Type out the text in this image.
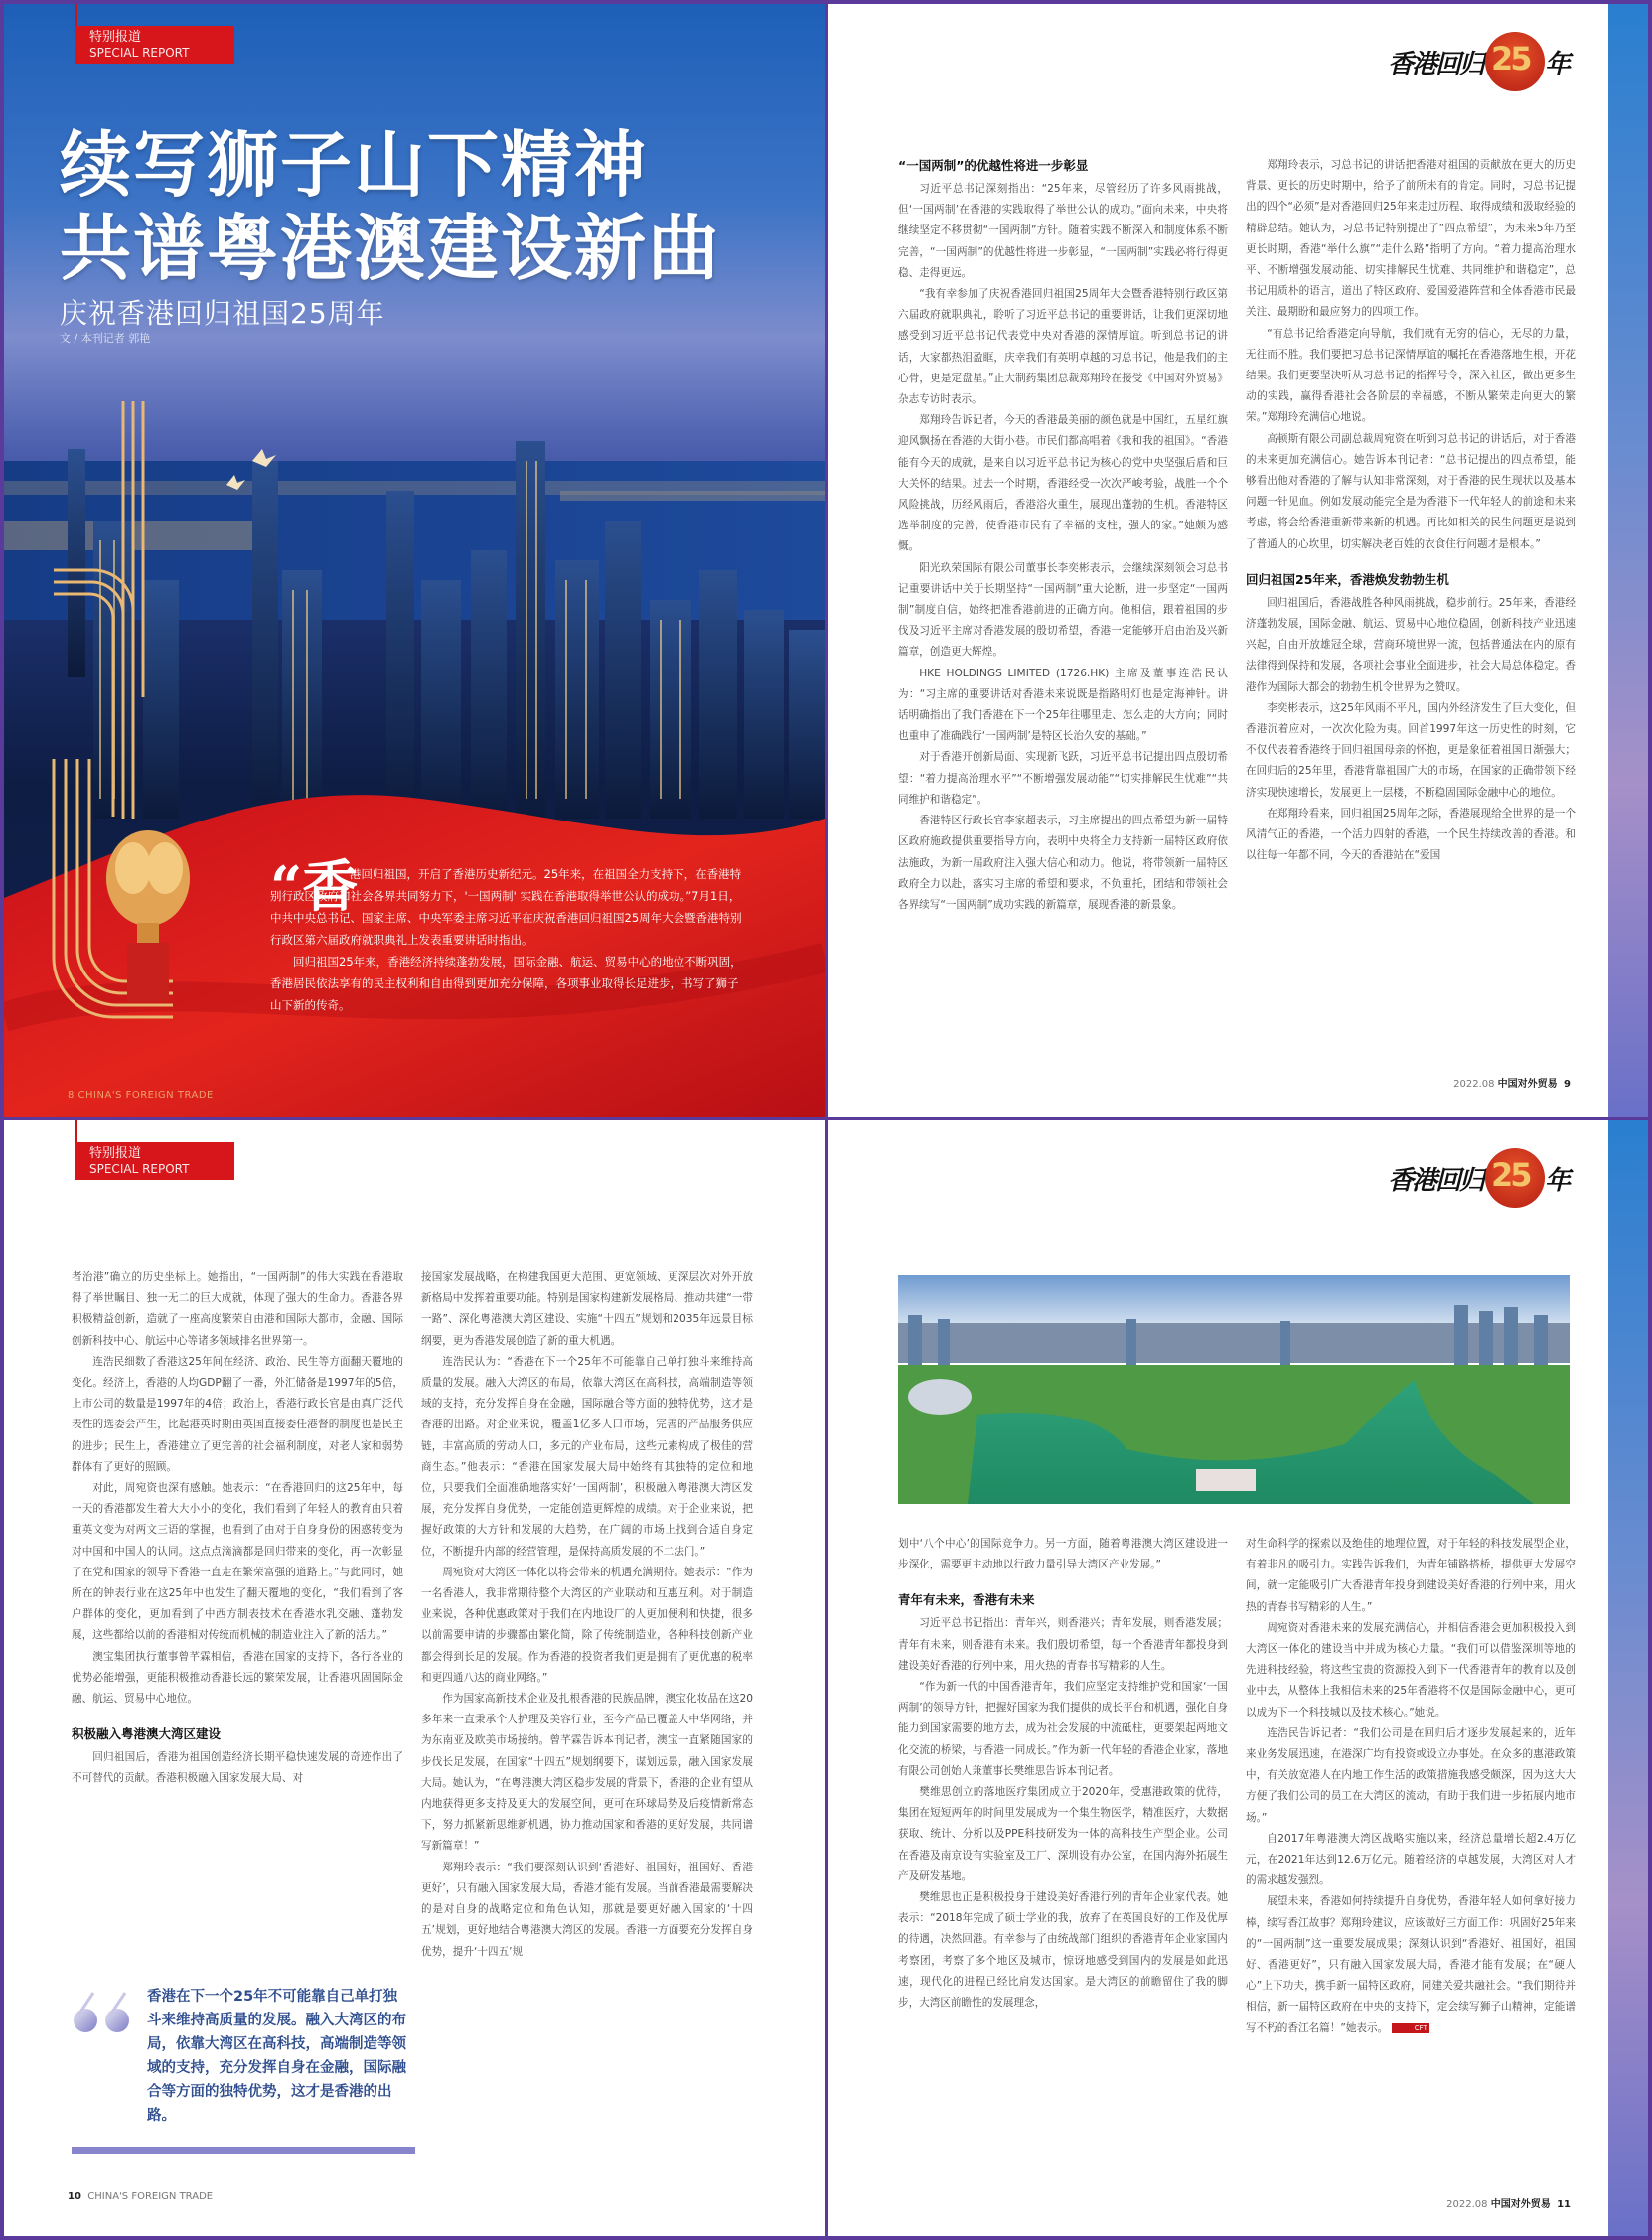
特别报道
SPECIAL REPORT
续写狮子山下精神
共谱粤港澳建设新曲
庆祝香港回归祖国25周年
文 / 本刊记者 郭艳
“香

港回归祖国，开启了香港历史新纪元。25年来，在祖国全力支持下，在香港特别行政区政府和社会各界共同努力下，'一国两制' 实践在香港取得举世公认的成功。”7月1日，中共中央总书记、国家主席、中央军委主席习近平在庆祝香港回归祖国25周年大会暨香港特别行政区第六届政府就职典礼上发表重要讲话时指出。

回归祖国25年来，香港经济持续蓬勃发展，国际金融、航运、贸易中心的地位不断巩固，香港居民依法享有的民主权利和自由得到更加充分保障，各项事业取得长足进步，书写了狮子山下新的传奇。

8 CHINA'S FOREIGN TRADE
香港回归 25 年
“一国两制”的优越性将进一步彰显

习近平总书记深刻指出：“25年来，尽管经历了许多风雨挑战，但‘一国两制’在香港的实践取得了举世公认的成功。”面向未来，中央将继续坚定不移贯彻“一国两制”方针。随着实践不断深入和制度体系不断完善，“一国两制”的优越性将进一步彰显，“一国两制”实践必将行得更稳、走得更远。

“我有幸参加了庆祝香港回归祖国25周年大会暨香港特别行政区第六届政府就职典礼，聆听了习近平总书记的重要讲话，让我们更深切地感受到习近平总书记代表党中央对香港的深情厚谊。听到总书记的讲话，大家都热泪盈眶，庆幸我们有英明卓越的习总书记，他是我们的主心骨，更是定盘星。”正大制药集团总裁郑翔玲在接受《中国对外贸易》杂志专访时表示。

郑翔玲告诉记者，今天的香港最美丽的颜色就是中国红，五星红旗迎风飘扬在香港的大街小巷。市民们都高唱着《我和我的祖国》。“香港能有今天的成就，是来自以习近平总书记为核心的党中央坚强后盾和巨大关怀的结果。过去一个时期，香港经受一次次严峻考验，战胜一个个风险挑战，历经风雨后，香港浴火重生，展现出蓬勃的生机。香港特区选举制度的完善，使香港市民有了幸福的支柱，强大的家。”她颇为感慨。

阳光玖荣国际有限公司董事长李奕彬表示，会继续深刻领会习总书记重要讲话中关于长期坚持“一国两制”重大论断，进一步坚定“一国两制”制度自信，始终把准香港前进的正确方向。他相信，跟着祖国的步伐及习近平主席对香港发展的殷切希望，香港一定能够开启由治及兴新篇章，创造更大辉煌。

HKE HOLDINGS LIMITED (1726.HK) 主席及董事连浩民认为：“习主席的重要讲话对香港未来说既是指路明灯也是定海神针。讲话明确指出了我们香港在下一个25年往哪里走、怎么走的大方向；同时也重申了准确践行‘一国两制’是特区长治久安的基础。”

对于香港开创新局面、实现新飞跃，习近平总书记提出四点殷切希望：“着力提高治理水平”“不断增强发展动能”“切实排解民生忧难”“共同维护和谐稳定”。

香港特区行政长官李家超表示，习主席提出的四点希望为新一届特区政府施政提供重要指导方向，表明中央将全力支持新一届特区政府依法施政，为新一届政府注入强大信心和动力。他说，将带领新一届特区政府全力以赴，落实习主席的希望和要求，不负重托，团结和带领社会各界续写“一国两制”成功实践的新篇章，展现香港的新景象。

郑翔玲表示，习总书记的讲话把香港对祖国的贡献放在更大的历史背景、更长的历史时期中，给予了前所未有的肯定。同时，习总书记提出的四个“必须”是对香港回归25年来走过历程、取得成绩和汲取经验的精辟总结。她认为，习总书记特别提出了“四点希望”，为未来5年乃至更长时期，香港“举什么旗”“走什么路”指明了方向。“着力提高治理水平、不断增强发展动能、切实排解民生忧难、共同维护和谐稳定”，总书记用质朴的语言，道出了特区政府、爱国爱港阵营和全体香港市民最关注、最期盼和最应努力的四项工作。

“有总书记给香港定向导航，我们就有无穷的信心，无尽的力量，无往而不胜。我们要把习总书记深情厚谊的嘱托在香港落地生根，开花结果。我们更要坚决听从习总书记的指挥号令，深入社区，做出更多生动的实践，赢得香港社会各阶层的幸福感，不断从繁荣走向更大的繁荣。”郑翔玲充满信心地说。

高顿斯有限公司副总裁周宛资在听到习总书记的讲话后，对于香港的未来更加充满信心。她告诉本刊记者：“总书记提出的四点希望，能够看出他对香港的了解与认知非常深刻，对于香港的民生现状以及基本问题一针见血。例如发展动能完全是为香港下一代年轻人的前途和未来考虑，将会给香港重新带来新的机遇。再比如相关的民生问题更是说到了普通人的心坎里，切实解决老百姓的衣食住行问题才是根本。”

回归祖国25年来，香港焕发勃勃生机

回归祖国后，香港战胜各种风雨挑战，稳步前行。25年来，香港经济蓬勃发展，国际金融、航运、贸易中心地位稳固，创新科技产业迅速兴起，自由开放雄冠全球，营商环境世界一流，包括普通法在内的原有法律得到保持和发展，各项社会事业全面进步，社会大局总体稳定。香港作为国际大都会的勃勃生机令世界为之赞叹。

李奕彬表示，这25年风雨不平凡，国内外经济发生了巨大变化，但香港沉着应对，一次次化险为夷。回首1997年这一历史性的时刻，它不仅代表着香港终于回归祖国母亲的怀抱，更是象征着祖国日渐强大；在回归后的25年里，香港背靠祖国广大的市场，在国家的正确带领下经济实现快速增长，发展更上一层楼，不断稳固国际金融中心的地位。

在郑翔玲看来，回归祖国25周年之际，香港展现给全世界的是一个风清气正的香港，一个活力四射的香港，一个民生持续改善的香港。和以往每一年都不同，今天的香港站在“爱国

2022.08 中国对外贸易 9
特别报道
SPECIAL REPORT

者治港”确立的历史坐标上。她指出，“一国两制”的伟大实践在香港取得了举世瞩目、独一无二的巨大成就，体现了强大的生命力。香港各界积极精益创新，造就了一座高度繁荣自由港和国际大都市，金融、国际创新科技中心、航运中心等诸多领域排名世界第一。

连浩民细数了香港这25年间在经济、政治、民生等方面翻天覆地的变化。经济上，香港的人均GDP翻了一番，外汇储备是1997年的5倍，上市公司的数量是1997年的4倍；政治上，香港行政长官是由真广泛代表性的选委会产生，比起港英时期由英国直接委任港督的制度也是民主的进步；民生上，香港建立了更完善的社会福利制度，对老人家和弱势群体有了更好的照顾。

对此，周宛资也深有感触。她表示：“在香港回归的这25年中，每一天的香港都发生着大大小小的变化，我们看到了年轻人的教育由只着重英文变为对两文三语的掌握，也看到了由对于自身身份的困惑转变为对中国和中国人的认同。这点点滴滴都是回归带来的变化，再一次彰显了在党和国家的领导下香港一直走在繁荣富强的道路上。”与此同时，她所在的钟表行业在这25年中也发生了翻天覆地的变化，“我们看到了客户群体的变化，更加看到了中西方制表技术在香港水乳交融、蓬勃发展，这些都给以前的香港相对传统而机械的制造业注入了新的活力。”

澳宝集团执行董事曾芊霖相信，香港在国家的支持下，各行各业的优势必能增强，更能积极推动香港长远的繁荣发展，让香港巩固国际金融、航运、贸易中心地位。

积极融入粤港澳大湾区建设

回归祖国后，香港为祖国创造经济长期平稳快速发展的奇迹作出了不可替代的贡献。香港积极融入国家发展大局、对

香港在下一个25年不可能靠自己单打独斗来维持高质量的发展。融入大湾区的布局，依靠大湾区在高科技，高端制造等领域的支持，充分发挥自身在金融，国际融合等方面的独特优势，这才是香港的出路。

接国家发展战略，在构建我国更大范围、更宽领域、更深层次对外开放新格局中发挥着重要功能。特别是国家构建新发展格局、推动共建“一带一路”、深化粤港澳大湾区建设、实施“十四五”规划和2035年远景目标纲要，更为香港发展创造了新的重大机遇。

连浩民认为：“香港在下一个25年不可能靠自己单打独斗来维持高质量的发展。融入大湾区的布局，依靠大湾区在高科技，高端制造等领域的支持，充分发挥自身在金融，国际融合等方面的独特优势，这才是香港的出路。对企业来说，覆盖1亿多人口市场，完善的产品服务供应链，丰富高质的劳动人口，多元的产业布局，这些元素构成了极佳的营商生态。”他表示：“香港在国家发展大局中始终有其独特的定位和地位，只要我们全面准确地落实好‘一国两制’，积极融入粤港澳大湾区发展，充分发挥自身优势，一定能创造更辉煌的成绩。对于企业来说，把握好政策的大方针和发展的大趋势，在广阔的市场上找到合适自身定位，不断提升内部的经营管理，是保持高质发展的不二法门。”

周宛资对大湾区一体化以将会带来的机遇充满期待。她表示：“作为一名香港人，我非常期待整个大湾区的产业联动和互惠互利。对于制造业来说，各种优惠政策对于我们在内地设厂的人更加便利和快捷，很多以前需要申请的步骤都由繁化简，除了传统制造业，各种科技创新产业都会得到长足的发展。作为香港的投资者我们更是拥有了更优惠的税率和更四通八达的商业网络。”

作为国家高新技术企业及扎根香港的民族品牌，澳宝化妆品在这20多年来一直秉承个人护理及美容行业，至今产品已覆盖大中华网络，并为东南亚及欧美市场接纳。曾芊霖告诉本刊记者，澳宝一直紧随国家的步伐长足发展，在国家“十四五”规划纲要下，谋划远景，融入国家发展大局。她认为，“在粤港澳大湾区稳步发展的背景下，香港的企业有望从内地获得更多支持及更大的发展空间，更可在环球局势及后疫情新常态下，努力抓紧新思维新机遇，协力推动国家和香港的更好发展，共同谱写新篇章！”

郑翔玲表示：“我们要深刻认识到‘香港好、祖国好，祖国好、香港更好’，只有融入国家发展大局，香港才能有发展。当前香港最需要解决的是对自身的战略定位和角色认知，那就是要更好融入国家的‘十四五’规划，更好地结合粤港澳大湾区的发展。香港一方面要充分发挥自身优势，提升‘十四五’规

10 CHINA'S FOREIGN TRADE
香港回归 25 年

划中‘八个中心’的国际竞争力。另一方面，随着粤港澳大湾区建设进一步深化，需要更主动地以行政力量引导大湾区产业发展。”

青年有未来，香港有未来

习近平总书记指出：青年兴，则香港兴；青年发展，则香港发展；青年有未来，则香港有未来。我们殷切希望，每一个香港青年都投身到建设美好香港的行列中来，用火热的青春书写精彩的人生。

“作为新一代的中国香港青年，我们应坚定支持维护党和国家‘一国两制’的领导方针，把握好国家为我们提供的成长平台和机遇，强化自身能力到国家需要的地方去，成为社会发展的中流砥柱，更要架起两地文化交流的桥梁，与香港一同成长。”作为新一代年轻的香港企业家，落地有限公司创始人兼董事长樊维思告诉本刊记者。

樊维思创立的落地医疗集团成立于2020年，受惠港政策的优待，集团在短短两年的时间里发展成为一个集生物医学，精准医疗，大数据获取、统计、分析以及PPE科技研发为一体的高科技生产型企业。公司在香港及南京设有实验室及工厂、深圳设有办公室，在国内海外拓展生产及研发基地。

樊维思也正是积极投身于建设美好香港行列的青年企业家代表。她表示：“2018年完成了硕士学业的我，放弃了在英国良好的工作及优厚的待遇，决然回港。有幸参与了由统战部门组织的香港青年企业家国内考察团，考察了多个地区及城市，惊讶地感受到国内的发展是如此迅速，现代化的进程已经比肩发达国家。是大湾区的前瞻留住了我的脚步，大湾区前瞻性的发展理念，

对生命科学的探索以及绝佳的地理位置，对于年轻的科技发展型企业，有着非凡的吸引力。实践告诉我们，为青年铺路搭桥，提供更大发展空间，就一定能吸引广大香港青年投身到建设美好香港的行列中来，用火热的青春书写精彩的人生。”

周宛资对香港未来的发展充满信心，并相信香港会更加积极投入到大湾区一体化的建设当中并成为核心力量。“我们可以借鉴深圳等地的先进科技经验，将这些宝贵的资源投入到下一代香港青年的教育以及创业中去，从整体上我相信未来的25年香港将不仅是国际金融中心，更可以成为下一个科技城以及技术核心。”她说。

连浩民告诉记者：“我们公司是在回归后才逐步发展起来的，近年来业务发展迅速，在港深广均有投资或设立办事处。在众多的惠港政策中，有关放宽港人在内地工作生活的政策措施我感受颇深，因为这大大方便了我们公司的员工在大湾区的流动，有助于我们进一步拓展内地市场。”

自2017年粤港澳大湾区战略实施以来，经济总量增长超2.4万亿元，在2021年达到12.6万亿元。随着经济的卓越发展，大湾区对人才的需求越发强烈。

展望未来，香港如何持续提升自身优势，香港年轻人如何拿好接力棒，续写香江故事？郑翔玲建议，应该做好三方面工作：巩固好25年来的“一国两制”这一重要发展成果；深刻认识到“香港好、祖国好，祖国好、香港更好”，只有融入国家发展大局，香港才能有发展；在“硬人心”上下功夫，携手新一届特区政府，同建关爱共融社会。“我们期待并相信，新一届特区政府在中央的支持下，定会续写狮子山精神，定能谱写不朽的香江名篇！”她表示。	CFT

2022.08 中国对外贸易 11
